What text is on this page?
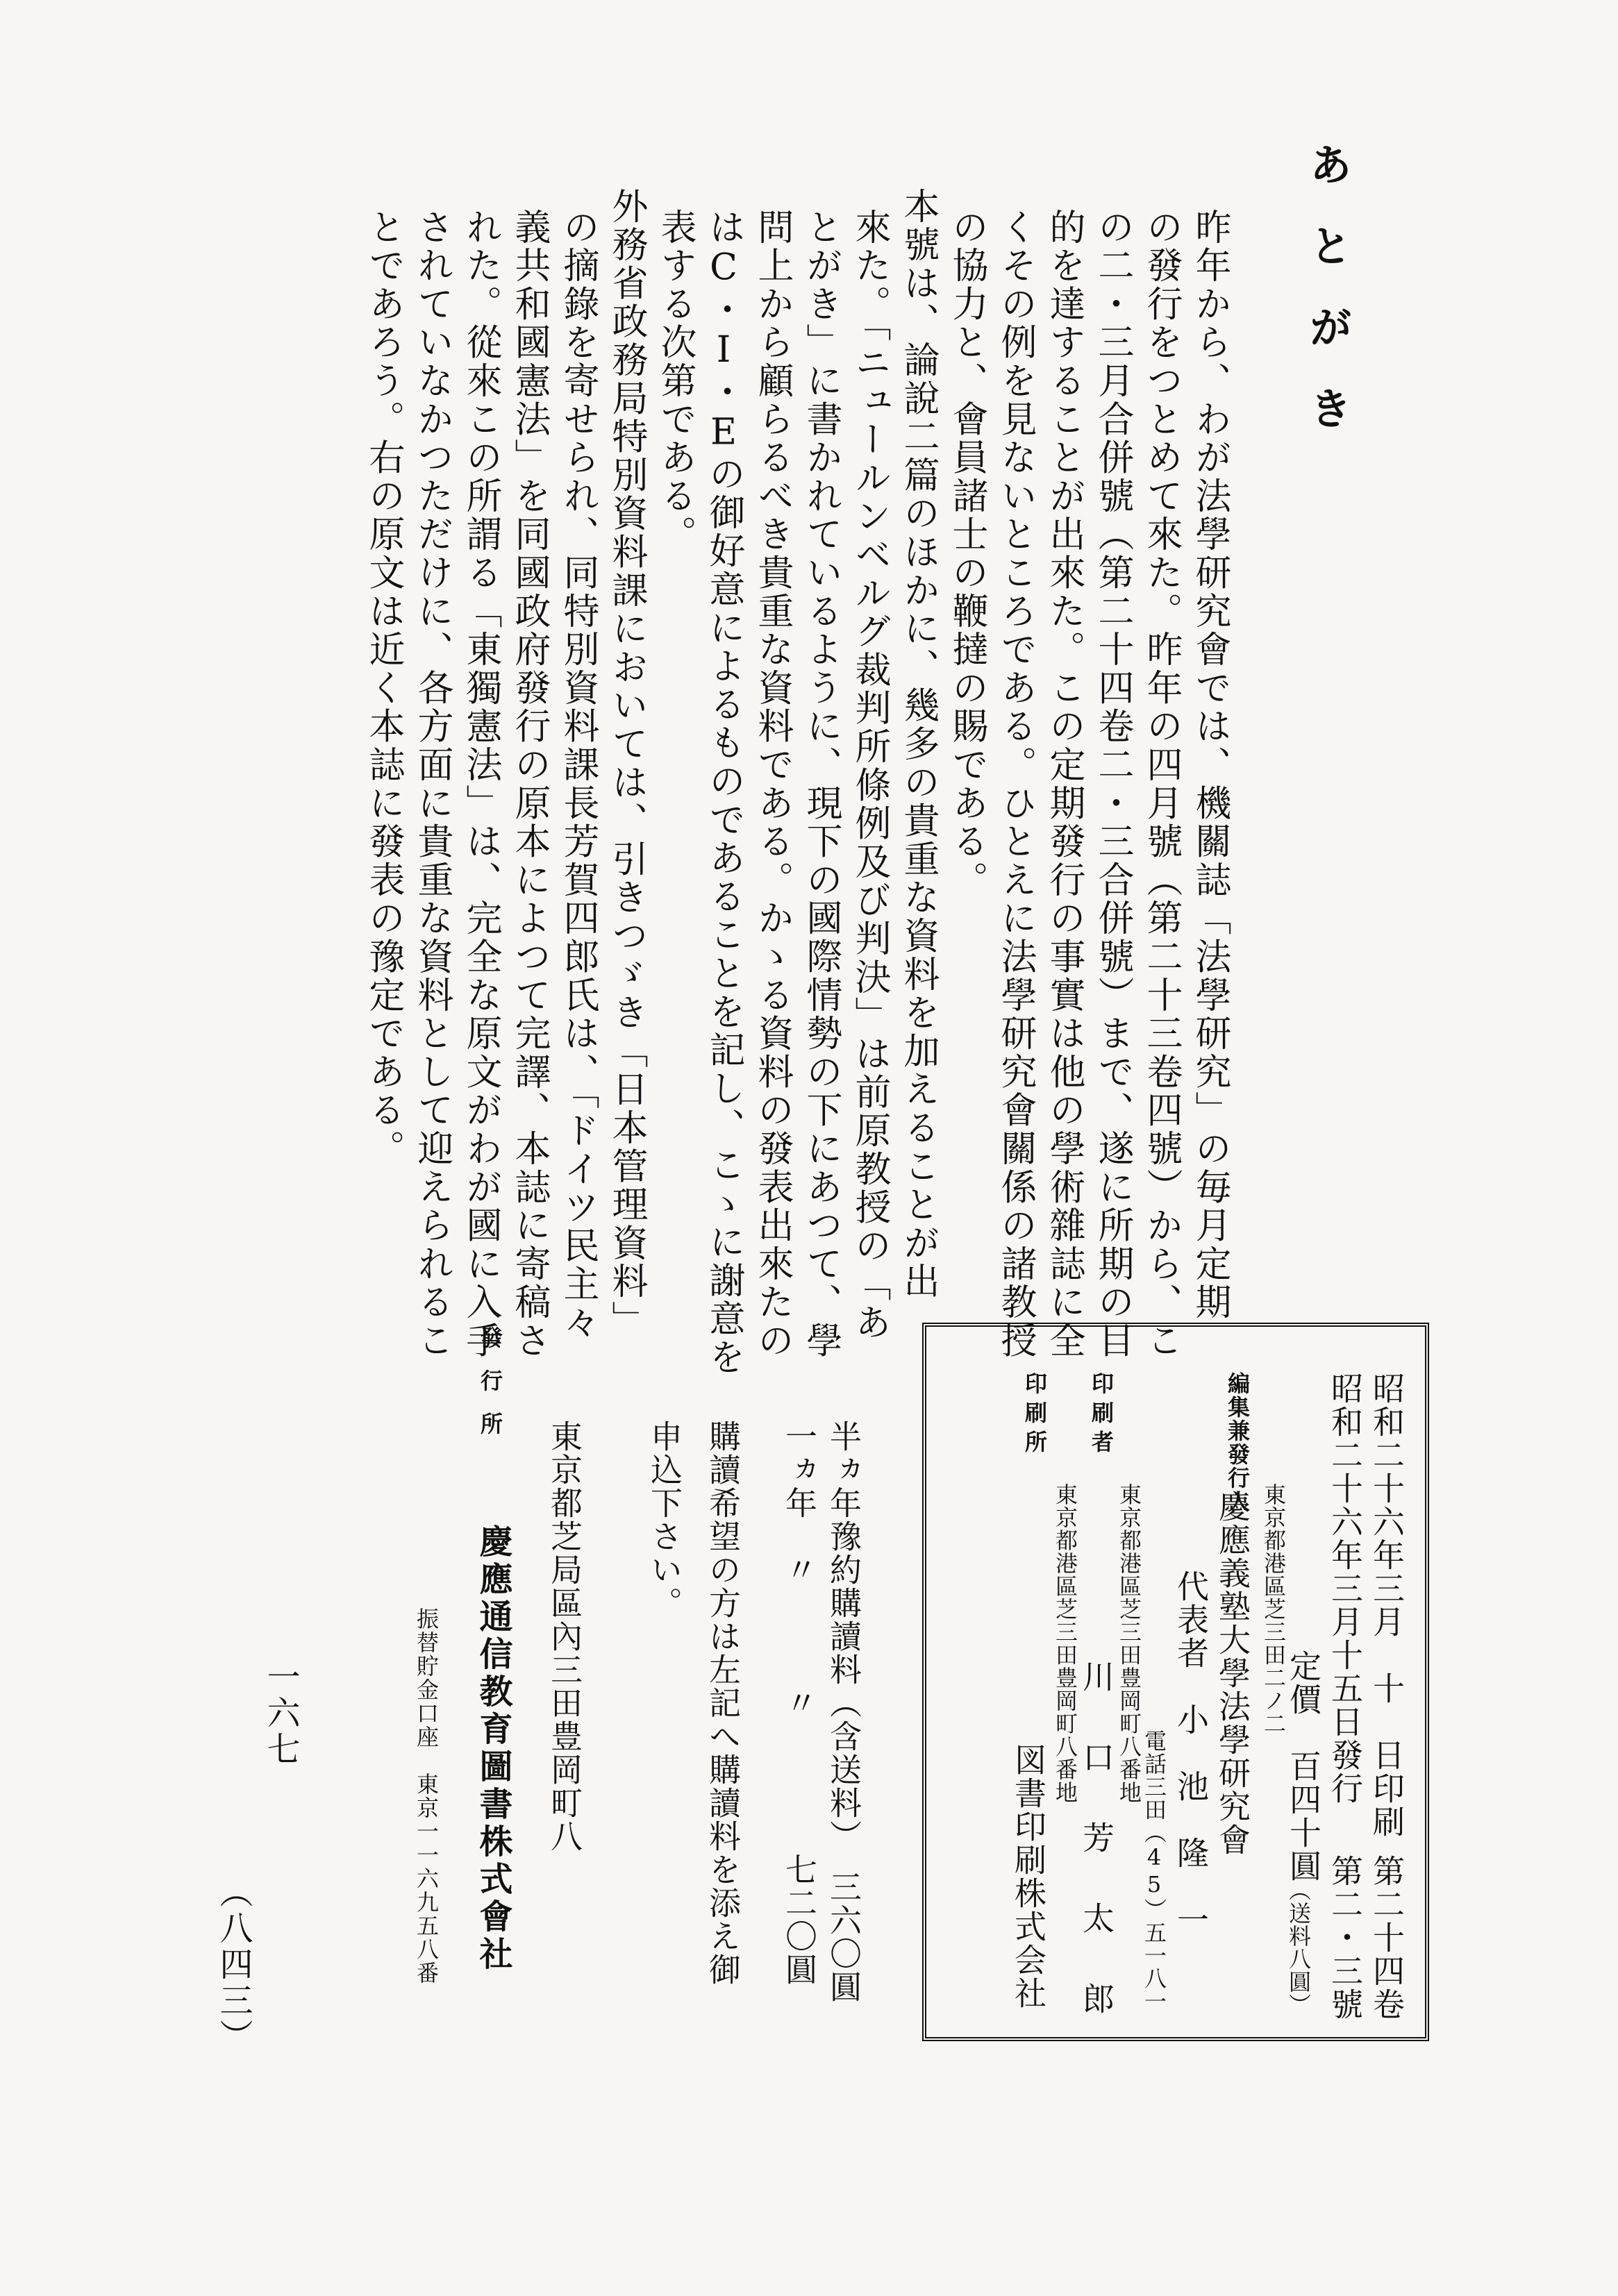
あとがき
昨年から、わが法學研究會では、機關誌「法學研究」の毎月定期
の發行をつとめて來た。昨年の四月號（第二十三卷四號）から、こ
の二・三月合併號（第二十四卷二・三合併號）まで、遂に所期の目
的を達することが出來た。この定期發行の事實は他の學術雜誌に全
くその例を見ないところである。ひとえに法學研究會關係の諸教授
の協力と、會員諸士の鞭撻の賜である。
本號は、論說二篇のほかに、幾多の貴重な資料を加えることが出
來た。「ニュールンベルグ裁判所條例及び判決」は前原教授の「あ
とがき」に書かれているように、現下の國際情勢の下にあつて、學
問上から顧らるべき貴重な資料である。かゝる資料の發表出來たの
はC・I・Eの御好意によるものであることを記し、こゝに謝意を
表する次第である。
外務省政務局特別資料課においては、引きつゞき「日本管理資料」
の摘錄を寄せられ、同特別資料課長芳賀四郎氏は、「ドイツ民主々
義共和國憲法」を同國政府發行の原本によつて完譯、本誌に寄稿さ
れた。從來この所謂る「東獨憲法」は、完全な原文がわが國に入手
されていなかつただけに、各方面に貴重な資料として迎えられるこ
とであろう。右の原文は近く本誌に發表の豫定である。
昭和二十六年三月　十　日印刷
第二十四卷
昭和二十六年三月十五日發行
第二・三號
定價　百四十圓
（送料八圓）
東京都港區芝三田二ノ二
編集兼發行人
慶應義塾大學法學研究會
代表者　小　池　隆　一
電話三田（45）五一八一
東京都港區芝三田豊岡町八番地
印刷者
川　口　芳　太　郎
東京都港區芝三田豊岡町八番地
印刷所
図書印刷株式会社
半ヵ年豫約購讀料（含送料）　三六〇圓
一ヵ年　〃　　　〃　　　　七二〇圓
購讀希望の方は左記へ購讀料を添え御
申込下さい。
發行所
東京都芝局區內三田豊岡町八
慶應通信教育圖書株式會社
振替貯金口座　東京一一六九五八番
一六七
（八四三）
